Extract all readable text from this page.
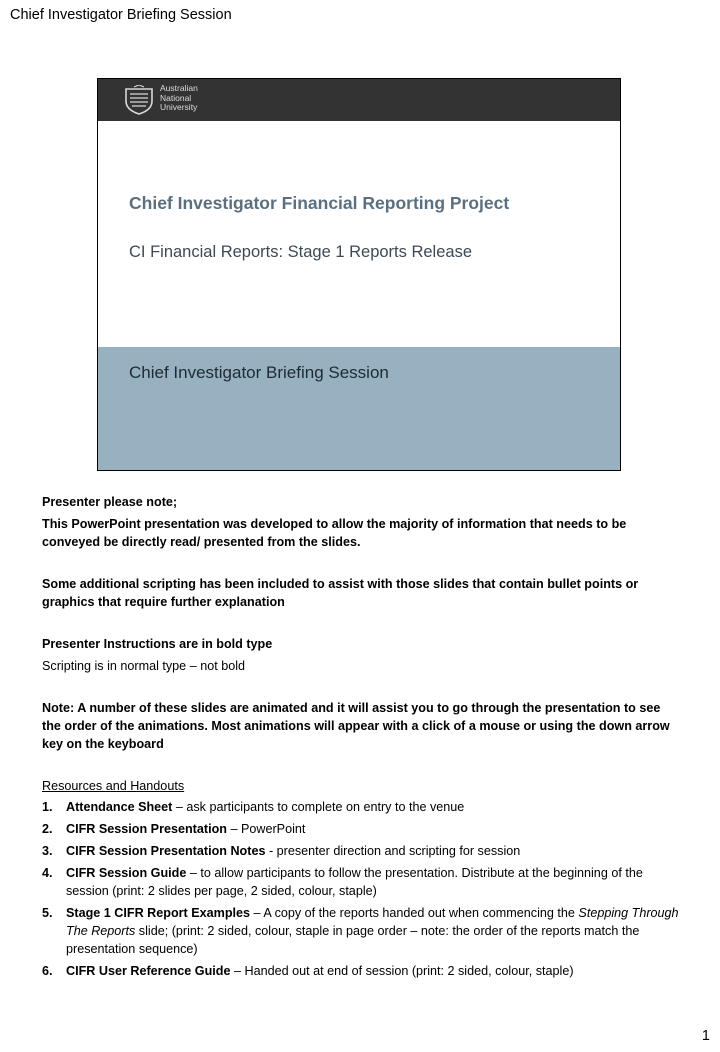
Chief Investigator Briefing Session
Australian
National
University
Chief Investigator Financial Reporting Project
CI Financial Reports: Stage 1 Reports Release
Chief Investigator Briefing Session

Presenter please note;

This PowerPoint presentation was developed to allow the majority of information that needs to be conveyed be directly read/ presented from the slides.

Some additional scripting has been included to assist with those slides that contain bullet points or graphics that require further explanation

Presenter Instructions are in bold type

Scripting is in normal type – not bold

Note: A number of these slides are animated and it will assist you to go through the presentation to see the order of the animations. Most animations will appear with a click of a mouse or using the down arrow key on the keyboard

Resources and Handouts

1. Attendance Sheet – ask participants to complete on entry to the venue
2. CIFR Session Presentation – PowerPoint
3. CIFR Session Presentation Notes - presenter direction and scripting for session
4. CIFR Session Guide – to allow participants to follow the presentation. Distribute at the beginning of the session (print: 2 slides per page, 2 sided, colour, staple)
5. Stage 1 CIFR Report Examples – A copy of the reports handed out when commencing the Stepping Through The Reports slide; (print: 2 sided, colour, staple in page order – note: the order of the reports match the presentation sequence)
6. CIFR User Reference Guide – Handed out at end of session (print: 2 sided, colour, staple)
1
